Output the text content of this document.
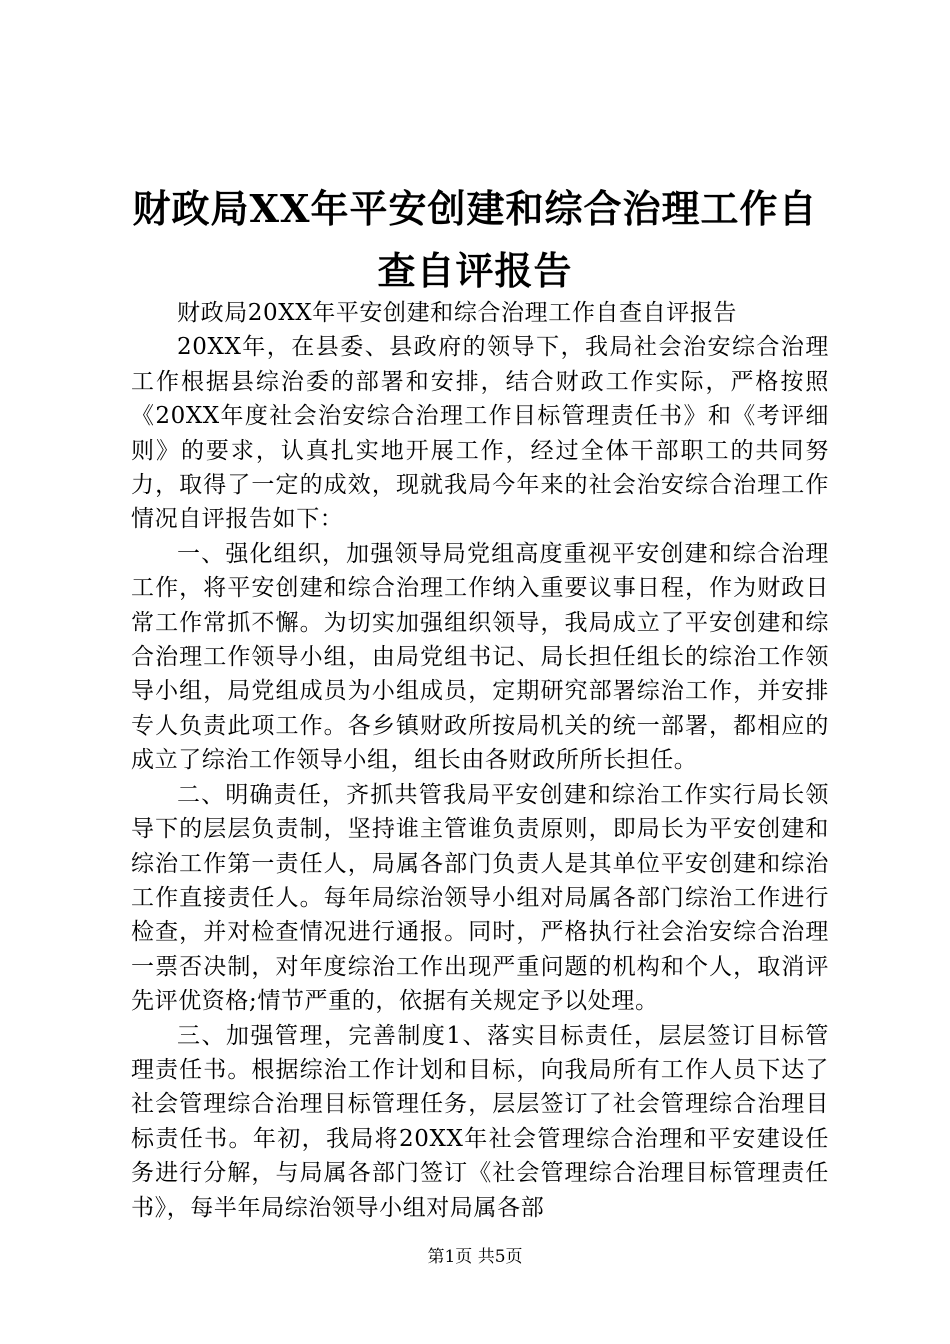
财政局XX年平安创建和综合治理工作自查自评报告

财政局20XX年平安创建和综合治理工作自查自评报告

20XX年，在县委、县政府的领导下，我局社会治安综合治理工作根据县综治委的部署和安排，结合财政工作实际，严格按照《20XX年度社会治安综合治理工作目标管理责任书》和《考评细则》的要求，认真扎实地开展工作，经过全体干部职工的共同努力，取得了一定的成效，现就我局今年来的社会治安综合治理工作情况自评报告如下：

一、强化组织，加强领导局党组高度重视平安创建和综合治理工作，将平安创建和综合治理工作纳入重要议事日程，作为财政日常工作常抓不懈。为切实加强组织领导，我局成立了平安创建和综合治理工作领导小组，由局党组书记、局长担任组长的综治工作领导小组，局党组成员为小组成员，定期研究部署综治工作，并安排专人负责此项工作。各乡镇财政所按局机关的统一部署，都相应的成立了综治工作领导小组，组长由各财政所所长担任。

二、明确责任，齐抓共管我局平安创建和综治工作实行局长领导下的层层负责制，坚持谁主管谁负责原则，即局长为平安创建和综治工作第一责任人，局属各部门负责人是其单位平安创建和综治工作直接责任人。每年局综治领导小组对局属各部门综治工作进行检查，并对检查情况进行通报。同时，严格执行社会治安综合治理一票否决制，对年度综治工作出现严重问题的机构和个人，取消评先评优资格;情节严重的，依据有关规定予以处理。

三、加强管理，完善制度1、落实目标责任，层层签订目标管理责任书。根据综治工作计划和目标，向我局所有工作人员下达了社会管理综合治理目标管理任务，层层签订了社会管理综合治理目标责任书。年初，我局将20XX年社会管理综合治理和平安建设任务进行分解，与局属各部门签订《社会管理综合治理目标管理责任书》，每半年局综治领导小组对局属各部

第1页 共5页
